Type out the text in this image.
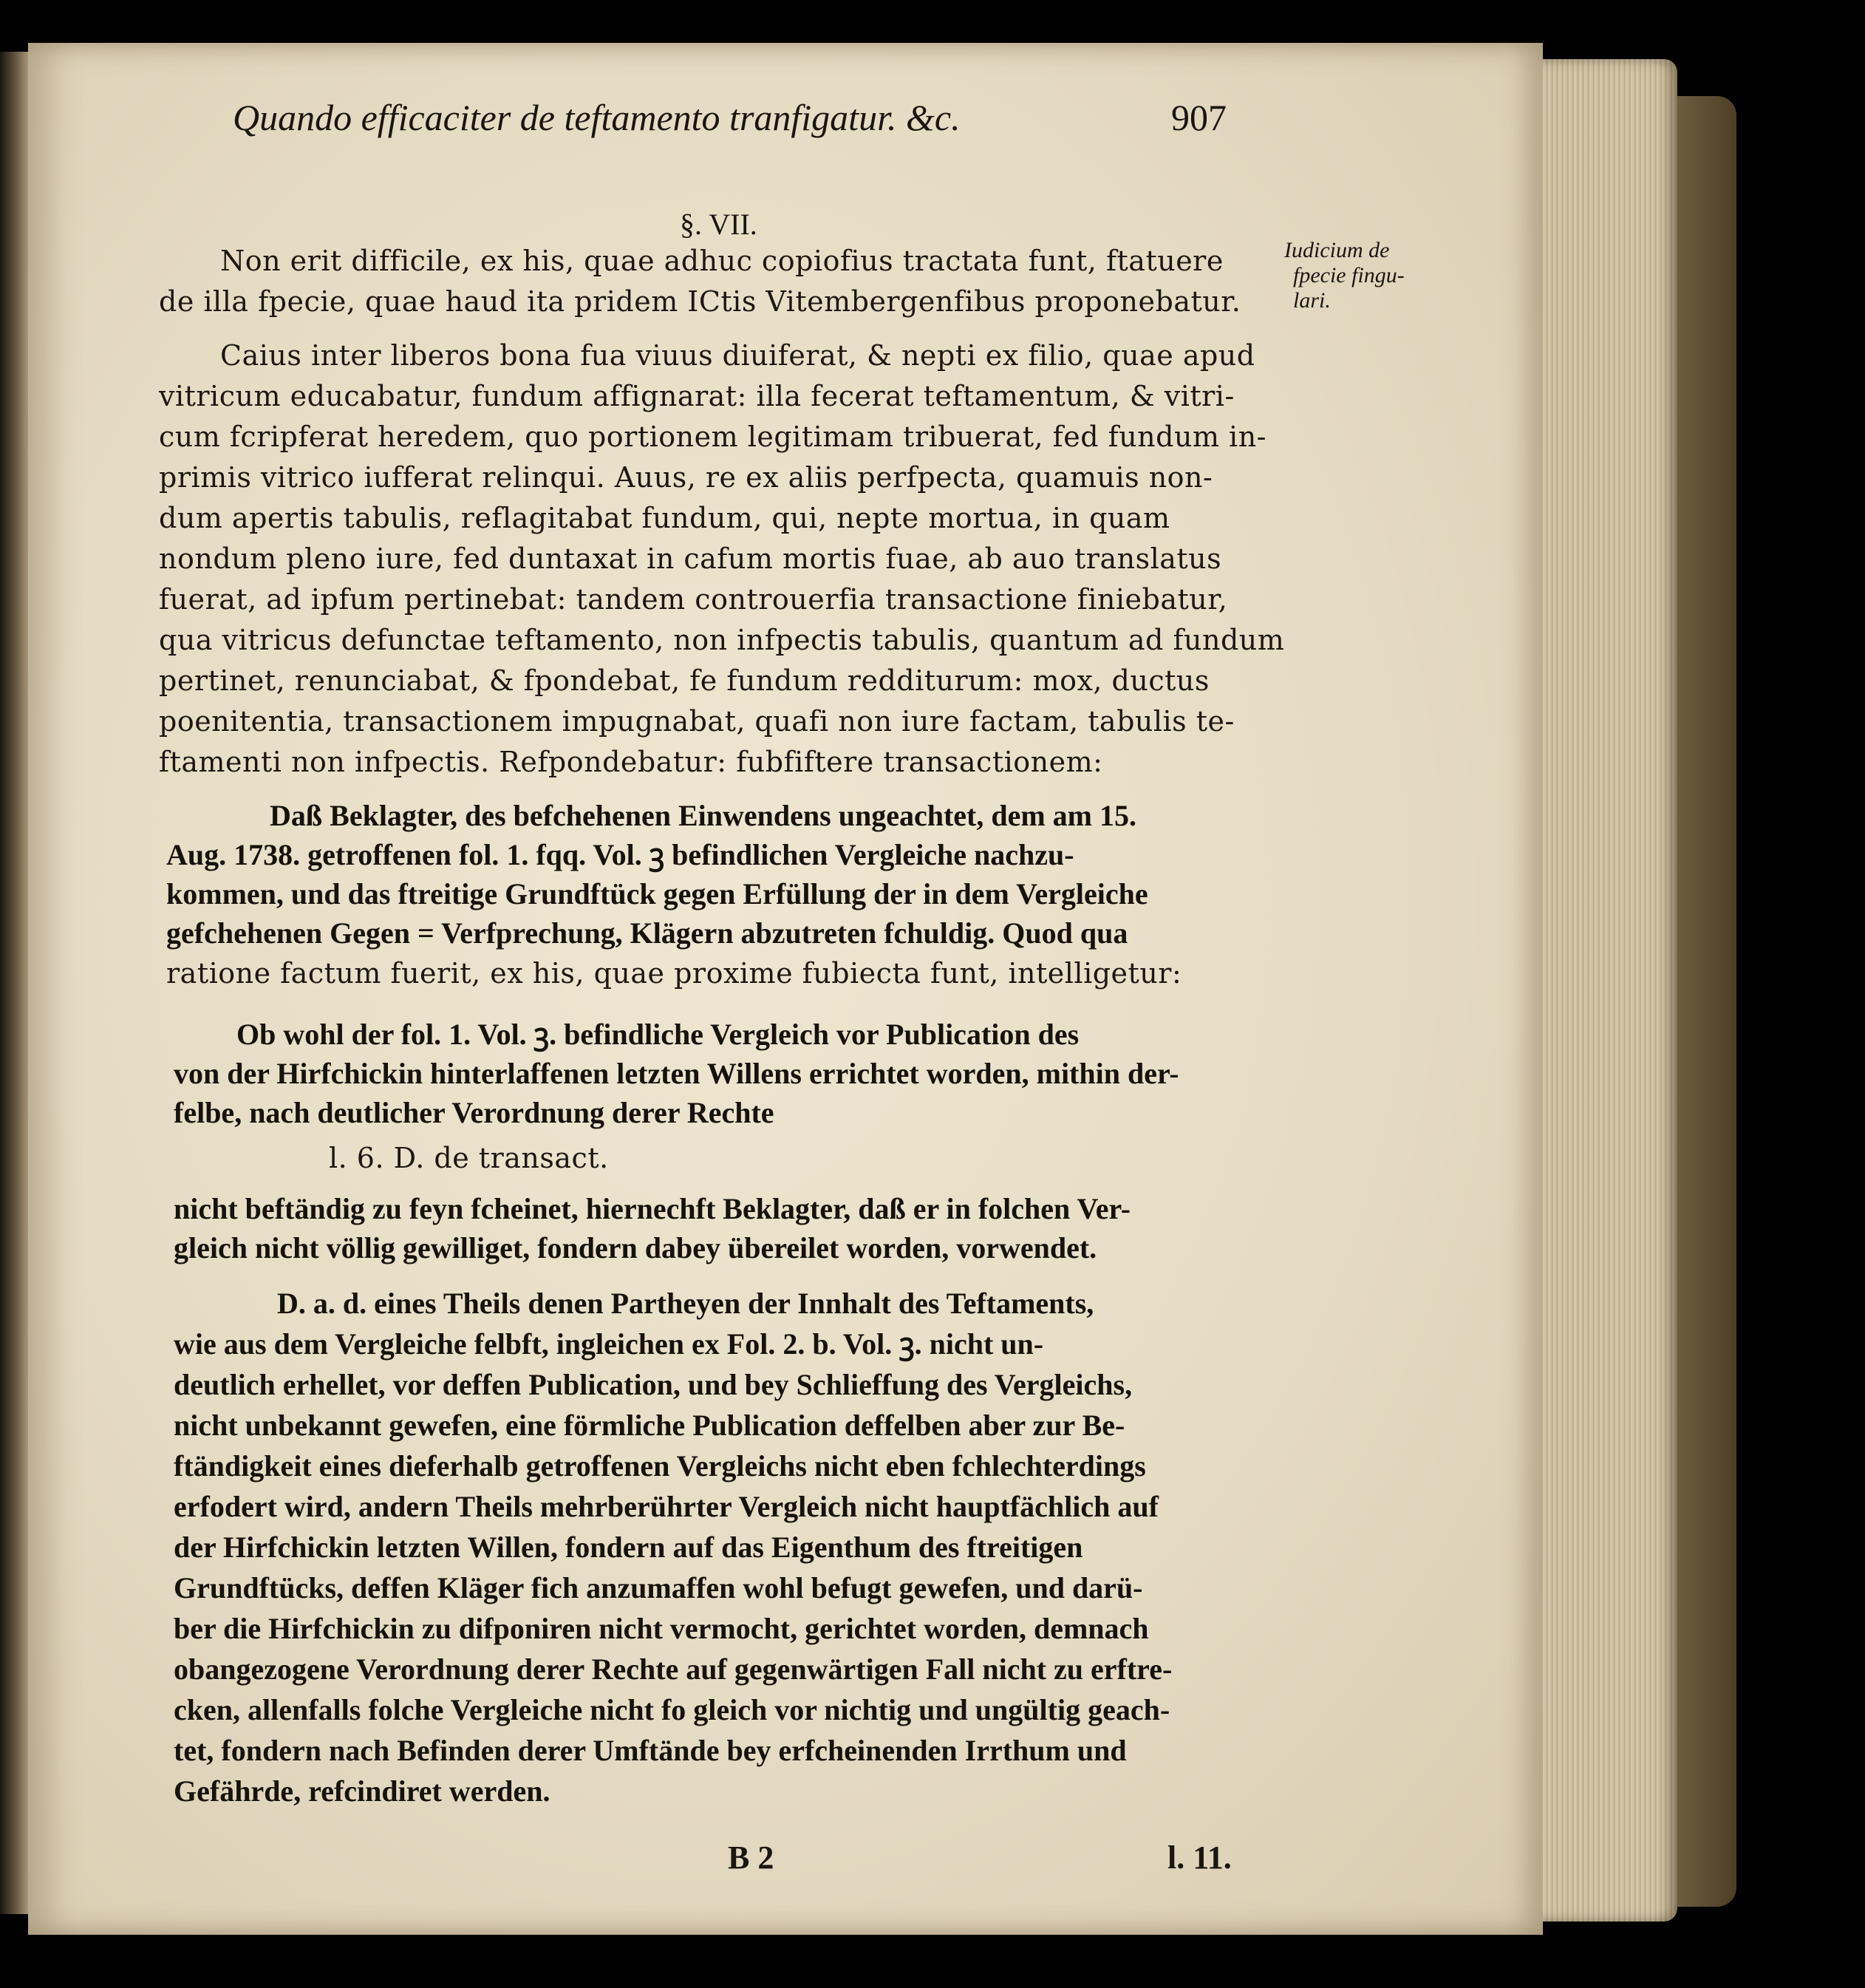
Quando efficaciter de teftamento tranfigatur. &c.	907
§. VII.
Iudicium de
fpecie fingu-
lari.
Non erit difficile, ex his, quae adhuc copiofius tractata funt, ftatuere
de illa fpecie, quae haud ita pridem ICtis Vitembergenfibus proponebatur.
Caius inter liberos bona fua viuus diuiferat, & nepti ex filio, quae apud
vitricum educabatur, fundum affignarat: illa fecerat teftamentum, & vitri-
cum fcripferat heredem, quo portionem legitimam tribuerat, fed fundum in-
primis vitrico iufferat relinqui. Auus, re ex aliis perfpecta, quamuis non-
dum apertis tabulis, reflagitabat fundum, qui, nepte mortua, in quam
nondum pleno iure, fed duntaxat in cafum mortis fuae, ab auo translatus
fuerat, ad ipfum pertinebat: tandem controuerfia transactione finiebatur,
qua vitricus defunctae teftamento, non infpectis tabulis, quantum ad fundum
pertinet, renunciabat, & fpondebat, fe fundum redditurum: mox, ductus
poenitentia, transactionem impugnabat, quafi non iure factam, tabulis te-
ftamenti non infpectis. Refpondebatur: fubfiftere transactionem:
Daß Beklagter, des befchehenen Einwendens ungeachtet, dem am 15.
Aug. 1738. getroffenen fol. 1. fqq. Vol. ꝫ befindlichen Vergleiche nachzu-
kommen, und das ftreitige Grundftück gegen Erfüllung der in dem Vergleiche
gefchehenen Gegen = Verfprechung, Klägern abzutreten fchuldig. Quod qua
ratione factum fuerit, ex his, quae proxime fubiecta funt, intelligetur:
Ob wohl der fol. 1. Vol. ꝫ. befindliche Vergleich vor Publication des
von der Hirfchickin hinterlaffenen letzten Willens errichtet worden, mithin der-
felbe, nach deutlicher Verordnung derer Rechte
l. 6. D. de transact.
nicht beftändig zu feyn fcheinet, hiernechft Beklagter, daß er in folchen Ver-
gleich nicht völlig gewilliget, fondern dabey übereilet worden, vorwendet.
D. a. d. eines Theils denen Partheyen der Innhalt des Teftaments,
wie aus dem Vergleiche felbft, ingleichen ex Fol. 2. b. Vol. ꝫ. nicht un-
deutlich erhellet, vor deffen Publication, und bey Schlieffung des Vergleichs,
nicht unbekannt gewefen, eine förmliche Publication deffelben aber zur Be-
ftändigkeit eines dieferhalb getroffenen Vergleichs nicht eben fchlechterdings
erfodert wird, andern Theils mehrberührter Vergleich nicht hauptfächlich auf
der Hirfchickin letzten Willen, fondern auf das Eigenthum des ftreitigen
Grundftücks, deffen Kläger fich anzumaffen wohl befugt gewefen, und darü-
ber die Hirfchickin zu difponiren nicht vermocht, gerichtet worden, demnach
obangezogene Verordnung derer Rechte auf gegenwärtigen Fall nicht zu erftre-
cken, allenfalls folche Vergleiche nicht fo gleich vor nichtig und ungültig geach-
tet, fondern nach Befinden derer Umftände bey erfcheinenden Irrthum und
Gefährde, refcindiret werden.
B 2	l. 11.
